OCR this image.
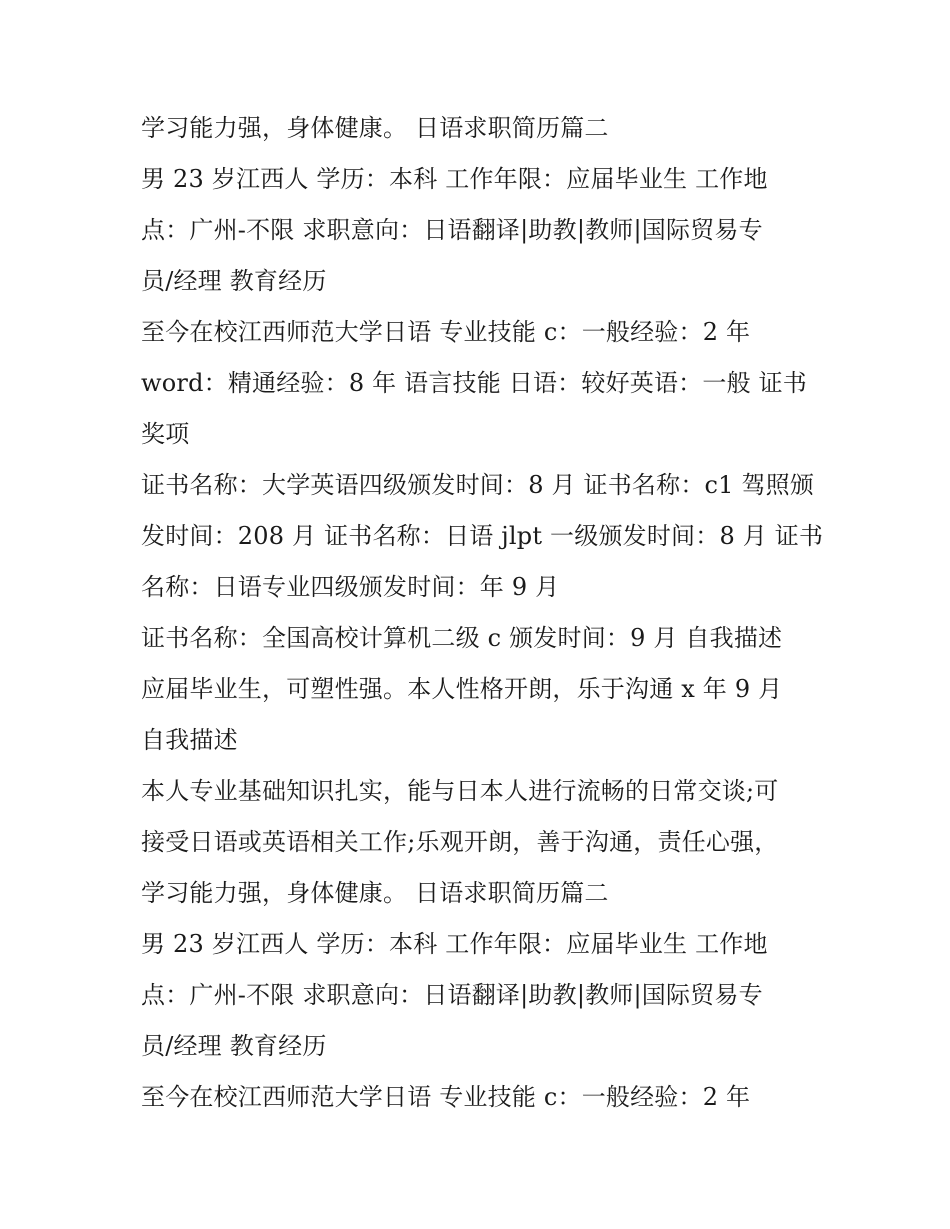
学习能力强，身体健康。 日语求职简历篇二
男 23 岁江西人 学历：本科 工作年限：应届毕业生 工作地
点：广州-不限 求职意向：日语翻译|助教|教师|国际贸易专
员/经理 教育经历
至今在校江西师范大学日语 专业技能 c：一般经验：2 年
word：精通经验：8 年 语言技能 日语：较好英语：一般 证书
奖项
证书名称：大学英语四级颁发时间：8 月 证书名称：c1 驾照颁
发时间：208 月 证书名称：日语 jlpt 一级颁发时间：8 月 证书
名称：日语专业四级颁发时间：年 9 月
证书名称：全国高校计算机二级 c 颁发时间：9 月 自我描述
应届毕业生，可塑性强。本人性格开朗，乐于沟通 x 年 9 月
自我描述
本人专业基础知识扎实，能与日本人进行流畅的日常交谈;可
接受日语或英语相关工作;乐观开朗，善于沟通，责任心强，
学习能力强，身体健康。 日语求职简历篇二
男 23 岁江西人 学历：本科 工作年限：应届毕业生 工作地
点：广州-不限 求职意向：日语翻译|助教|教师|国际贸易专
员/经理 教育经历
至今在校江西师范大学日语 专业技能 c：一般经验：2 年
